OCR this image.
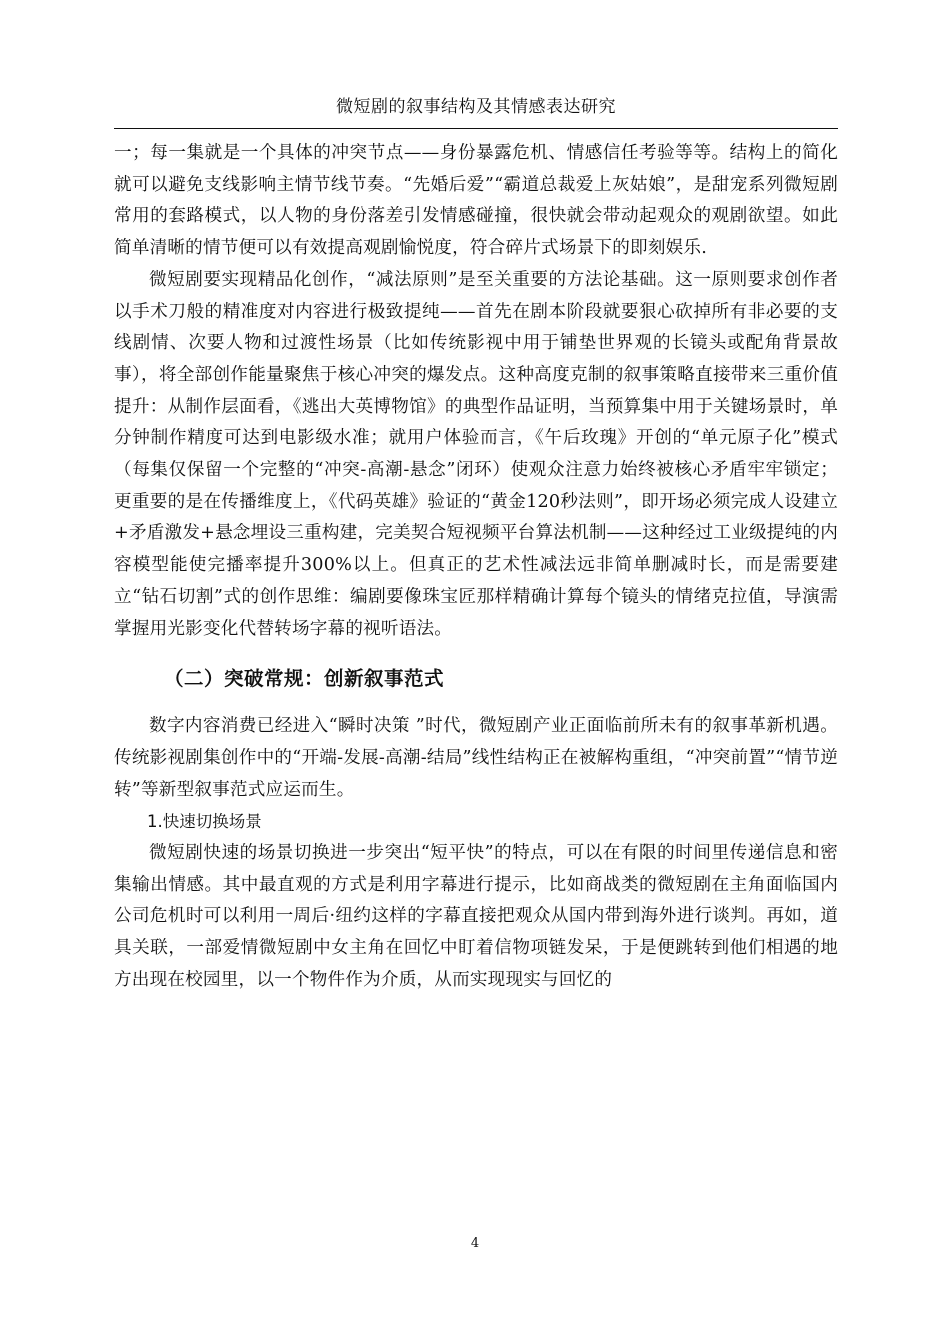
微短剧的叙事结构及其情感表达研究

一；每一集就是一个具体的冲突节点——身份暴露危机、情感信任考验等等。结构上的简化就可以避免支线影响主情节线节奏。“先婚后爱”“霸道总裁爱上灰姑娘”，是甜宠系列微短剧常用的套路模式，以人物的身份落差引发情感碰撞，很快就会带动起观众的观剧欲望。如此简单清晰的情节便可以有效提高观剧愉悦度，符合碎片式场景下的即刻娱乐.

微短剧要实现精品化创作，“减法原则”是至关重要的方法论基础。这一原则要求创作者以手术刀般的精准度对内容进行极致提纯——首先在剧本阶段就要狠心砍掉所有非必要的支线剧情、次要人物和过渡性场景（比如传统影视中用于铺垫世界观的长镜头或配角背景故事），将全部创作能量聚焦于核心冲突的爆发点。这种高度克制的叙事策略直接带来三重价值提升：从制作层面看，《逃出大英博物馆》的典型作品证明，当预算集中用于关键场景时，单分钟制作精度可达到电影级水准；就用户体验而言，《午后玫瑰》开创的“单元原子化”模式（每集仅保留一个完整的“冲突-高潮-悬念”闭环）使观众注意力始终被核心矛盾牢牢锁定；更重要的是在传播维度上，《代码英雄》验证的“黄金120秒法则”，即开场必须完成人设建立+矛盾激发+悬念埋设三重构建，完美契合短视频平台算法机制——这种经过工业级提纯的内容模型能使完播率提升300%以上。但真正的艺术性减法远非简单删减时长，而是需要建立“钻石切割”式的创作思维：编剧要像珠宝匠那样精确计算每个镜头的情绪克拉值，导演需掌握用光影变化代替转场字幕的视听语法。

（二）突破常规：创新叙事范式

数字内容消费已经进入“瞬时决策 ”时代，微短剧产业正面临前所未有的叙事革新机遇。传统影视剧集创作中的“开端-发展-高潮-结局”线性结构正在被解构重组，“冲突前置”“情节逆转”等新型叙事范式应运而生。

1.快速切换场景

微短剧快速的场景切换进一步突出“短平快”的特点，可以在有限的时间里传递信息和密集输出情感。其中最直观的方式是利用字幕进行提示，比如商战类的微短剧在主角面临国内公司危机时可以利用一周后·纽约这样的字幕直接把观众从国内带到海外进行谈判。再如，道具关联，一部爱情微短剧中女主角在回忆中盯着信物项链发呆，于是便跳转到他们相遇的地方出现在校园里，以一个物件作为介质，从而实现现实与回忆的

4
